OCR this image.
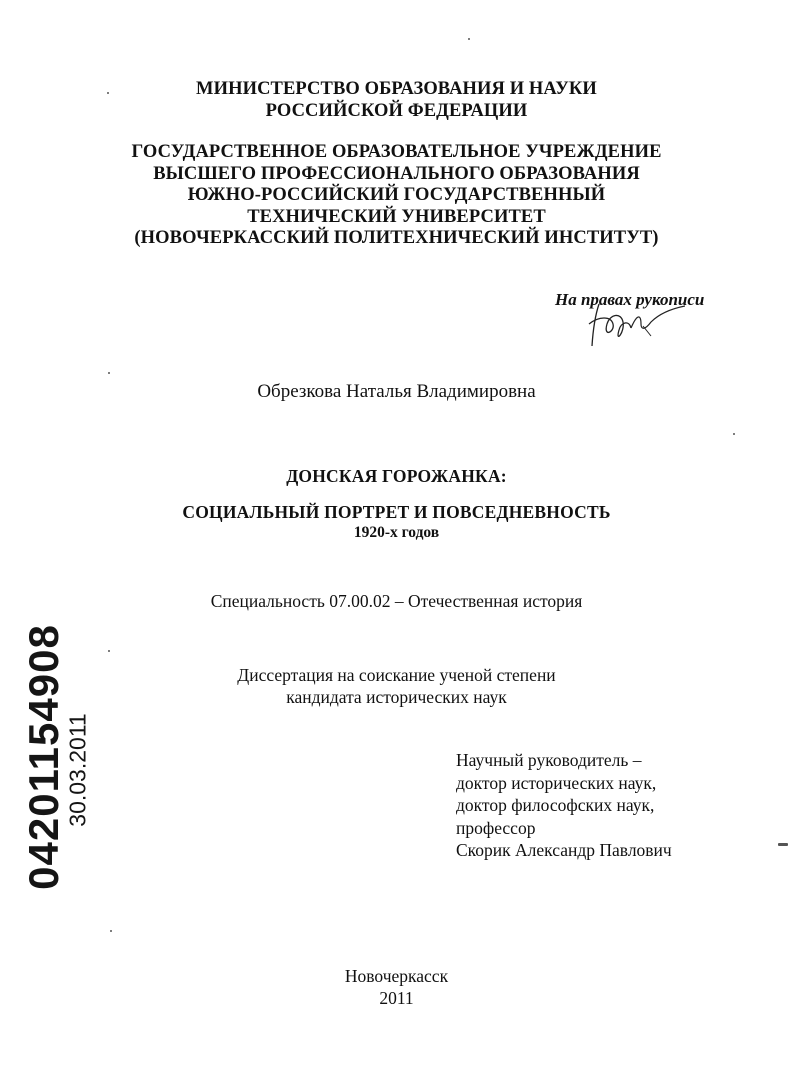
МИНИСТЕРСТВО ОБРАЗОВАНИЯ И НАУКИ
РОССИЙСКОЙ ФЕДЕРАЦИИ
ГОСУДАРСТВЕННОЕ ОБРАЗОВАТЕЛЬНОЕ УЧРЕЖДЕНИЕ
ВЫСШЕГО ПРОФЕССИОНАЛЬНОГО ОБРАЗОВАНИЯ
ЮЖНО-РОССИЙСКИЙ ГОСУДАРСТВЕННЫЙ
ТЕХНИЧЕСКИЙ УНИВЕРСИТЕТ
(НОВОЧЕРКАССКИЙ ПОЛИТЕХНИЧЕСКИЙ ИНСТИТУТ)
На правах рукописи
Обрезкова Наталья Владимировна
ДОНСКАЯ ГОРОЖАНКА:
СОЦИАЛЬНЫЙ ПОРТРЕТ И ПОВСЕДНЕВНОСТЬ
1920-х годов
Специальность 07.00.02 – Отечественная история
Диссертация на соискание ученой степени
кандидата исторических наук
Научный руководитель –
доктор исторических наук,
доктор философских наук,
профессор
Скорик Александр Павлович
Новочеркасск
2011
04201154908
30.03.2011
